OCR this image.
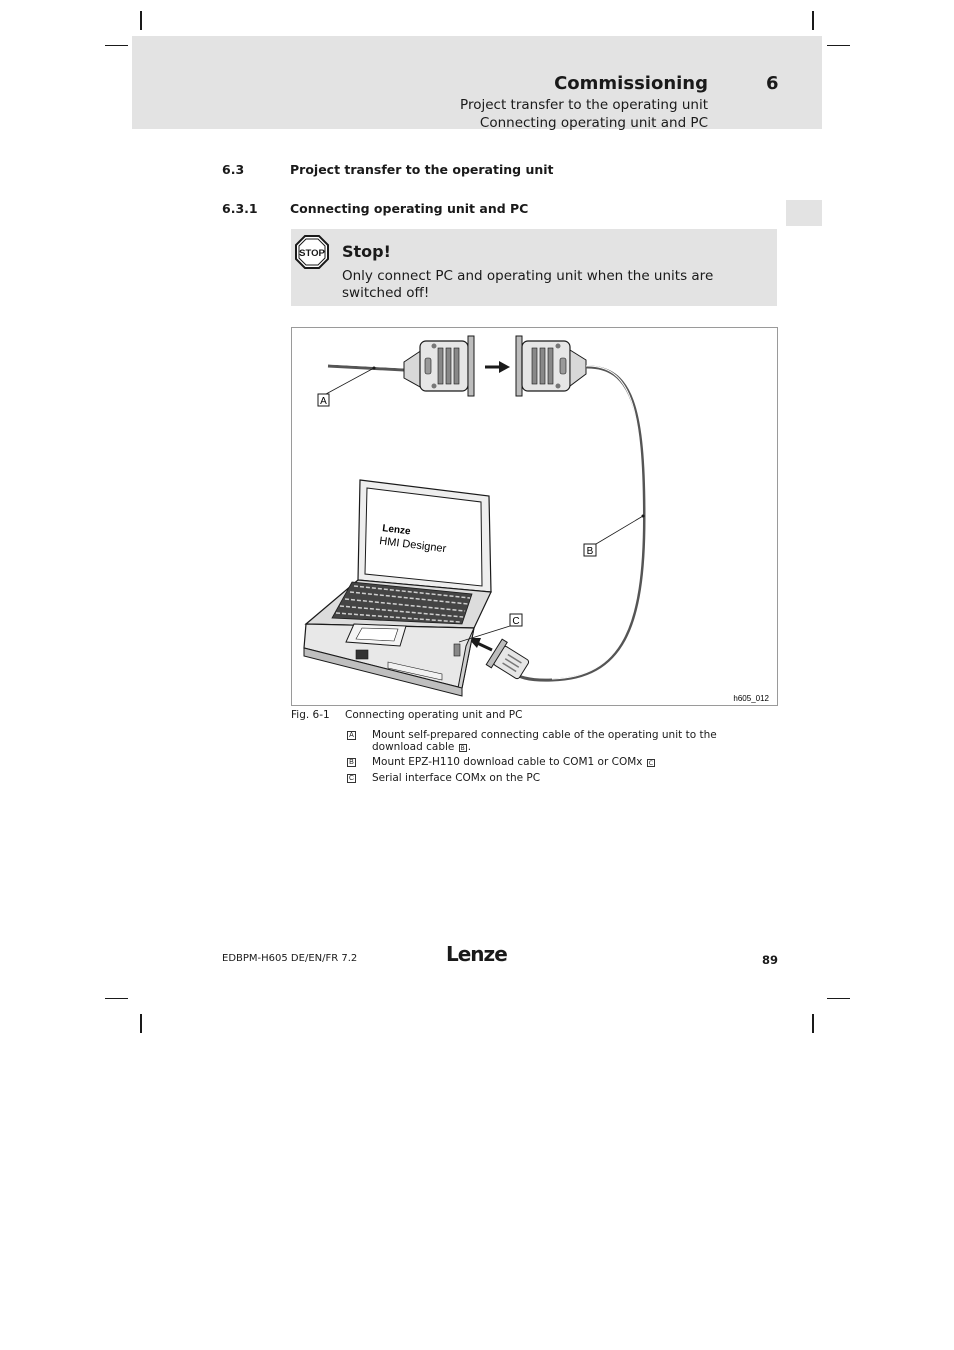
Commissioning	6
Project transfer to the operating unit
Connecting operating unit and PC
6.3	Project transfer to the operating unit
6.3.1	Connecting operating unit and PC
STOP Stop!
Only connect PC and operating unit when the units are switched off!
A
B
Lenze
HMI Designer
C
h605_012
Fig. 6-1 Connecting operating unit and PC
A Mount self-prepared connecting cable of the operating unit to the download cable B .
B Mount EPZ-H110 download cable to COM1 or COMx C
C Serial interface COMx on the PC
EDBPM-H605 DE/EN/FR 7.2	Lenze	89
